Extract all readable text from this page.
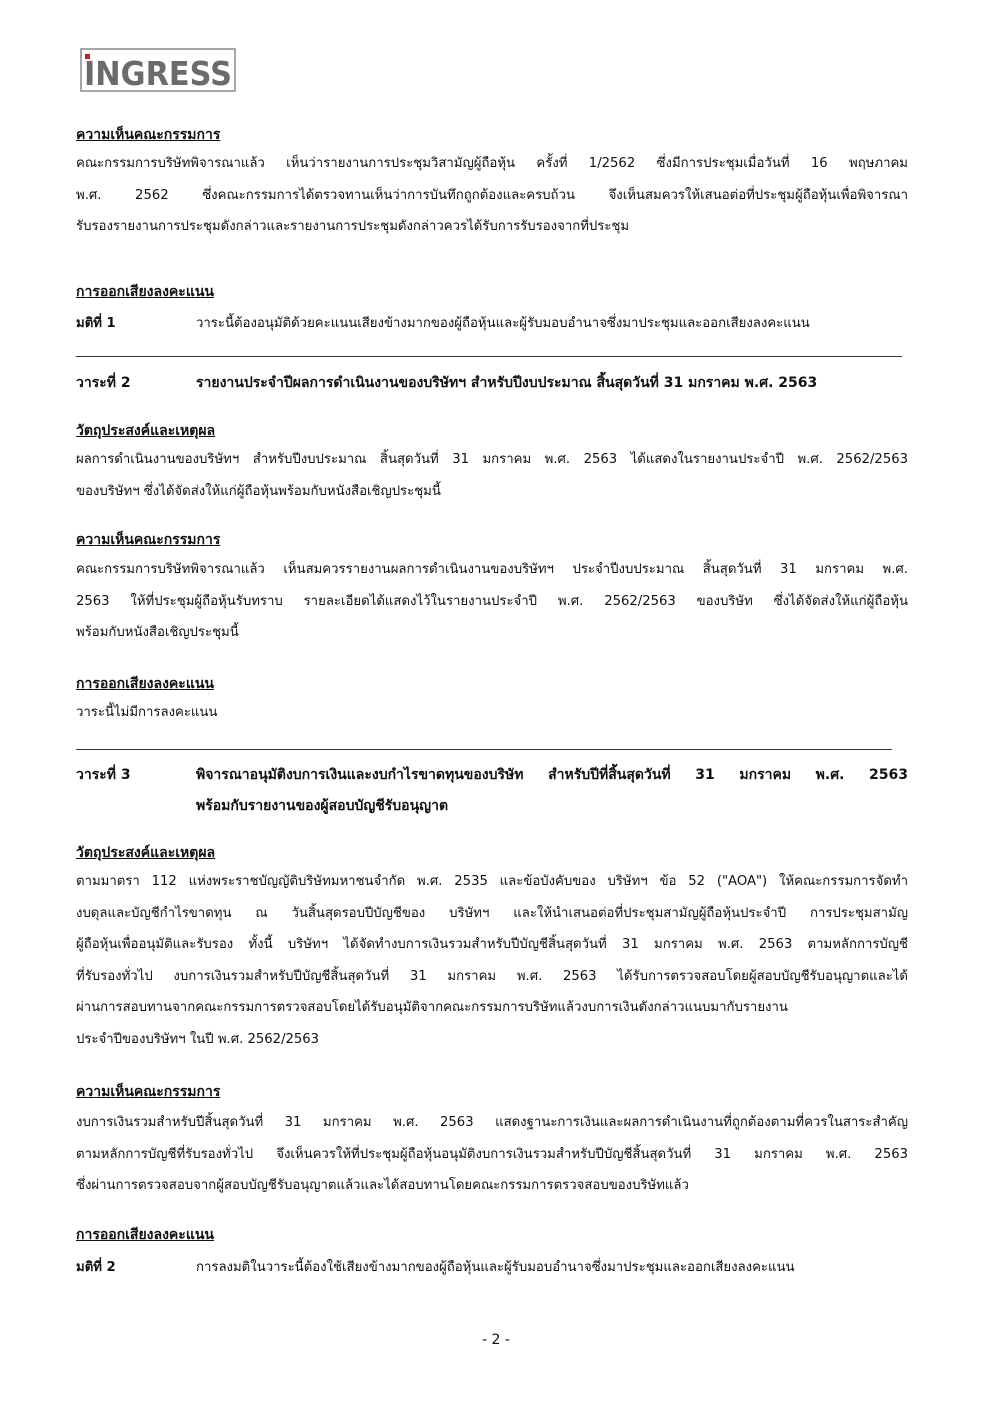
INGRESS
ความเห็นคณะกรรมการ
คณะกรรมการบริษัทพิจารณาแล้ว เห็นว่ารายงานการประชุมวิสามัญผู้ถือหุ้น ครั้งที่ 1/2562 ซึ่งมีการประชุมเมื่อวันที่ 16 พฤษภาคม
พ.ศ. 2562 ซึ่งคณะกรรมการได้ตรวจทานเห็นว่าการบันทึกถูกต้องและครบถ้วน จึงเห็นสมควรให้เสนอต่อที่ประชุมผู้ถือหุ้นเพื่อพิจารณา
รับรองรายงานการประชุมดังกล่าวและรายงานการประชุมดังกล่าวควรได้รับการรับรองจากที่ประชุม
การออกเสียงลงคะแนน
มติที่ 1	วาระนี้ต้องอนุมัติด้วยคะแนนเสียงข้างมากของผู้ถือหุ้นและผู้รับมอบอำนาจซึ่งมาประชุมและออกเสียงลงคะแนน
วาระที่ 2	รายงานประจำปีผลการดำเนินงานของบริษัทฯ สำหรับปีงบประมาณ สิ้นสุดวันที่ 31 มกราคม พ.ศ. 2563
วัตถุประสงค์และเหตุผล
ผลการดำเนินงานของบริษัทฯ สำหรับปีงบประมาณ สิ้นสุดวันที่ 31 มกราคม พ.ศ. 2563 ได้แสดงในรายงานประจำปี พ.ศ. 2562/2563
ของบริษัทฯ ซึ่งได้จัดส่งให้แก่ผู้ถือหุ้นพร้อมกับหนังสือเชิญประชุมนี้
ความเห็นคณะกรรมการ
คณะกรรมการบริษัทพิจารณาแล้ว เห็นสมควรรายงานผลการดำเนินงานของบริษัทฯ ประจำปีงบประมาณ สิ้นสุดวันที่ 31 มกราคม พ.ศ.
2563 ให้ที่ประชุมผู้ถือหุ้นรับทราบ รายละเอียดได้แสดงไว้ในรายงานประจำปี พ.ศ. 2562/2563 ของบริษัท ซึ่งได้จัดส่งให้แก่ผู้ถือหุ้น
พร้อมกับหนังสือเชิญประชุมนี้
การออกเสียงลงคะแนน
วาระนี้ไม่มีการลงคะแนน
วาระที่ 3	พิจารณาอนุมัติงบการเงินและงบกำไรขาดทุนของบริษัท สำหรับปีที่สิ้นสุดวันที่ 31 มกราคม พ.ศ. 2563
พร้อมกับรายงานของผู้สอบบัญชีรับอนุญาต
วัตถุประสงค์และเหตุผล
ตามมาตรา 112 แห่งพระราชบัญญัติบริษัทมหาชนจำกัด พ.ศ. 2535 และข้อบังคับของ บริษัทฯ ข้อ 52 ("AOA") ให้คณะกรรมการจัดทำ
งบดุลและบัญชีกำไรขาดทุน ณ วันสิ้นสุดรอบปีบัญชีของ บริษัทฯ และให้นำเสนอต่อที่ประชุมสามัญผู้ถือหุ้นประจำปี การประชุมสามัญ
ผู้ถือหุ้นเพื่ออนุมัติและรับรอง ทั้งนี้ บริษัทฯ ได้จัดทำงบการเงินรวมสำหรับปีบัญชีสิ้นสุดวันที่ 31 มกราคม พ.ศ. 2563 ตามหลักการบัญชี
ที่รับรองทั่วไป งบการเงินรวมสำหรับปีบัญชีสิ้นสุดวันที่ 31 มกราคม พ.ศ. 2563 ได้รับการตรวจสอบโดยผู้สอบบัญชีรับอนุญาตและได้
ผ่านการสอบทานจากคณะกรรมการตรวจสอบโดยได้รับอนุมัติจากคณะกรรมการบริษัทแล้วงบการเงินดังกล่าวแนบมากับรายงาน
ประจำปีของบริษัทฯ ในปี พ.ศ. 2562/2563
ความเห็นคณะกรรมการ
งบการเงินรวมสำหรับปีสิ้นสุดวันที่ 31 มกราคม พ.ศ. 2563 แสดงฐานะการเงินและผลการดำเนินงานที่ถูกต้องตามที่ควรในสาระสำคัญ
ตามหลักการบัญชีที่รับรองทั่วไป จึงเห็นควรให้ที่ประชุมผู้ถือหุ้นอนุมัติงบการเงินรวมสำหรับปีบัญชีสิ้นสุดวันที่ 31 มกราคม พ.ศ. 2563
ซึ่งผ่านการตรวจสอบจากผู้สอบบัญชีรับอนุญาตแล้วและได้สอบทานโดยคณะกรรมการตรวจสอบของบริษัทแล้ว
การออกเสียงลงคะแนน
มติที่ 2	การลงมติในวาระนี้ต้องใช้เสียงข้างมากของผู้ถือหุ้นและผู้รับมอบอำนาจซึ่งมาประชุมและออกเสียงลงคะแนน
- 2 -
